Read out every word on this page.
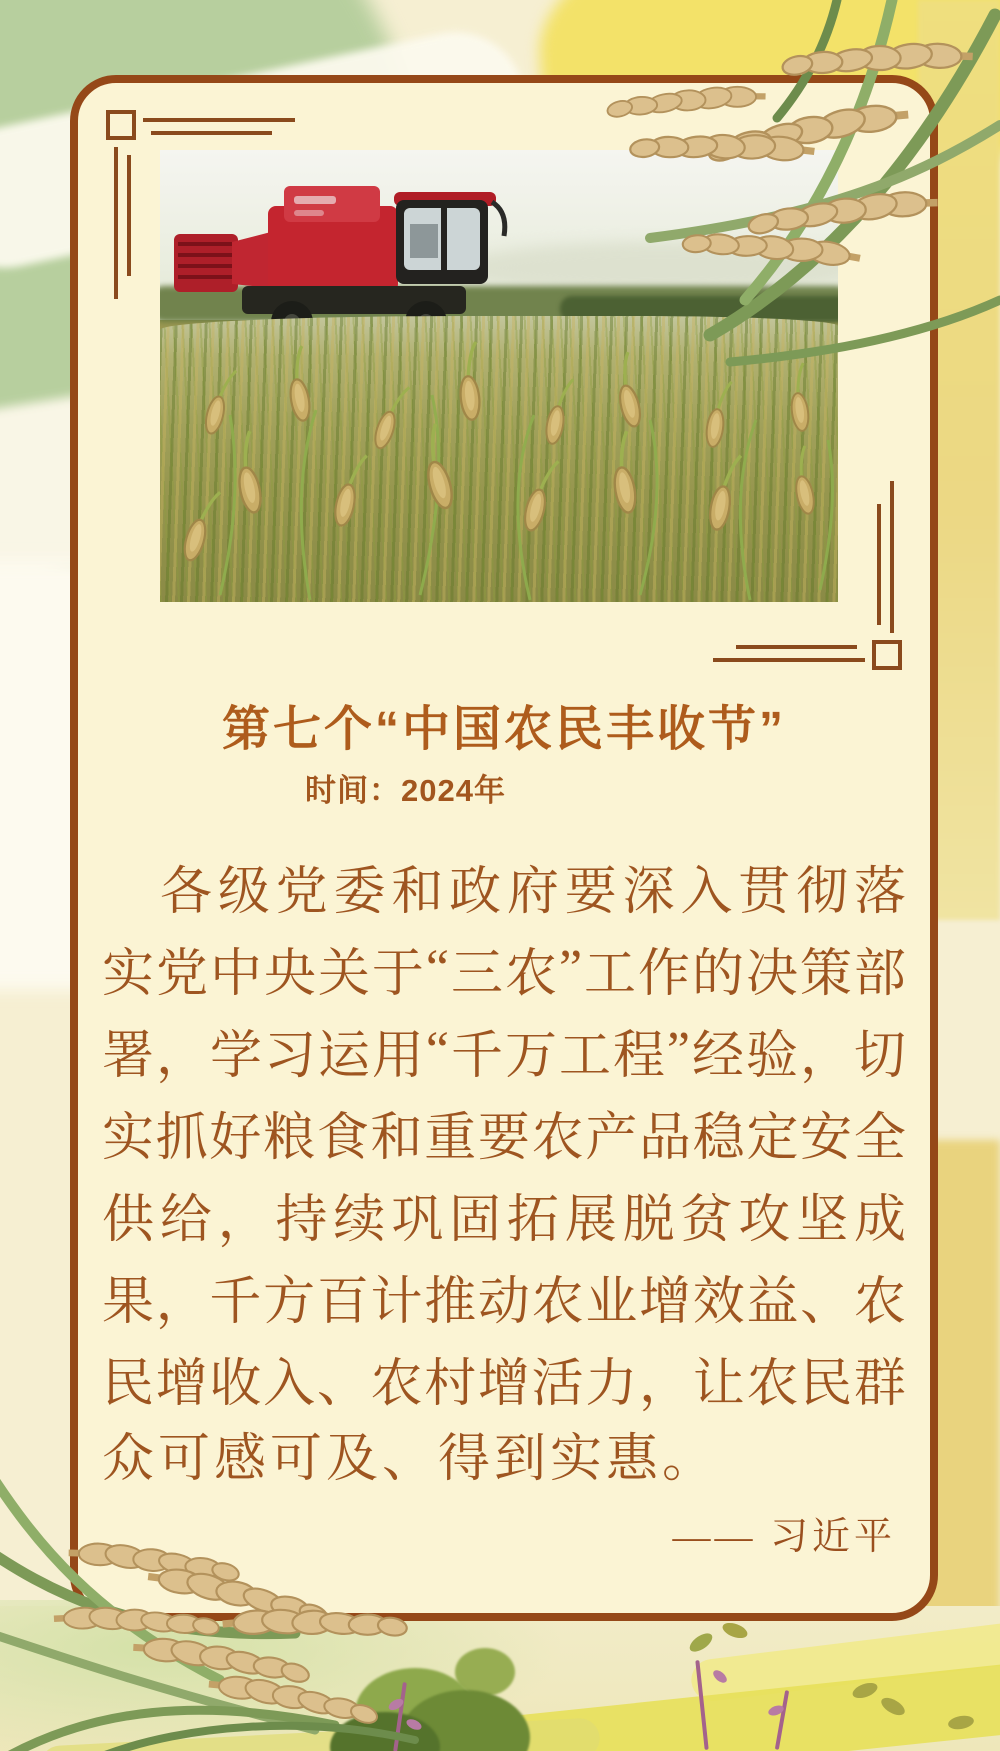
第七个“中国农民丰收节”
时间：2024年
各 级 党 委 和 政 府 要 深 入 贯 彻 落
实 党 中 央 关 于 “ 三 农 ” 工 作 的 决 策 部
署 ， 学 习 运 用 “ 千 万 工 程 ” 经 验 ， 切
实 抓 好 粮 食 和 重 要 农 产 品 稳 定 安 全
供 给 ， 持 续 巩 固 拓 展 脱 贫 攻 坚 成
果 ， 千 方 百 计 推 动 农 业 增 效 益 、 农
民 增 收 入 、 农 村 增 活 力 ， 让 农 民 群
众可感可及、得到实惠。
—— 习近平
